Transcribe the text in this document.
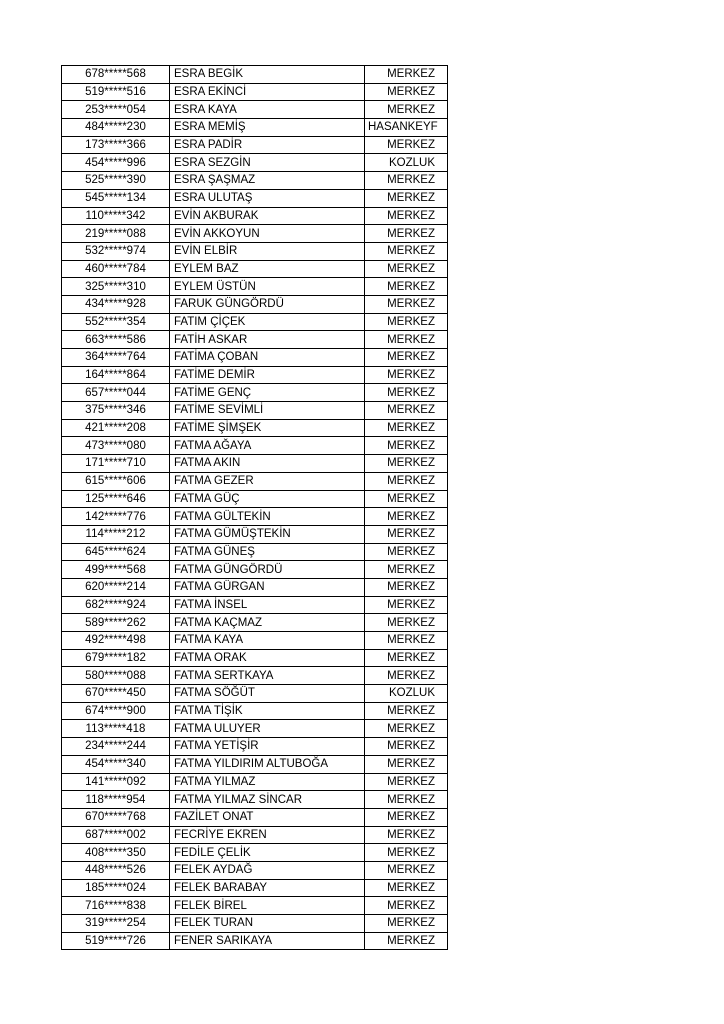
678*****568	ESRA BEGİK	MERKEZ
519*****516	ESRA EKİNCİ	MERKEZ
253*****054	ESRA KAYA	MERKEZ
484*****230	ESRA MEMİŞ	HASANKEYF
173*****366	ESRA PADİR	MERKEZ
454*****996	ESRA SEZGİN	KOZLUK
525*****390	ESRA ŞAŞMAZ	MERKEZ
545*****134	ESRA ULUTAŞ	MERKEZ
110*****342	EVİN AKBURAK	MERKEZ
219*****088	EVİN AKKOYUN	MERKEZ
532*****974	EVİN ELBİR	MERKEZ
460*****784	EYLEM BAZ	MERKEZ
325*****310	EYLEM ÜSTÜN	MERKEZ
434*****928	FARUK GÜNGÖRDÜ	MERKEZ
552*****354	FATIM ÇİÇEK	MERKEZ
663*****586	FATİH ASKAR	MERKEZ
364*****764	FATİMA ÇOBAN	MERKEZ
164*****864	FATİME DEMİR	MERKEZ
657*****044	FATİME GENÇ	MERKEZ
375*****346	FATİME SEVİMLİ	MERKEZ
421*****208	FATİME ŞİMŞEK	MERKEZ
473*****080	FATMA AĞAYA	MERKEZ
171*****710	FATMA AKIN	MERKEZ
615*****606	FATMA GEZER	MERKEZ
125*****646	FATMA GÜÇ	MERKEZ
142*****776	FATMA GÜLTEKİN	MERKEZ
114*****212	FATMA GÜMÜŞTEKİN	MERKEZ
645*****624	FATMA GÜNEŞ	MERKEZ
499*****568	FATMA GÜNGÖRDÜ	MERKEZ
620*****214	FATMA GÜRGAN	MERKEZ
682*****924	FATMA İNSEL	MERKEZ
589*****262	FATMA KAÇMAZ	MERKEZ
492*****498	FATMA KAYA	MERKEZ
679*****182	FATMA ORAK	MERKEZ
580*****088	FATMA SERTKAYA	MERKEZ
670*****450	FATMA SÖĞÜT	KOZLUK
674*****900	FATMA TİŞİK	MERKEZ
113*****418	FATMA ULUYER	MERKEZ
234*****244	FATMA YETİŞİR	MERKEZ
454*****340	FATMA YILDIRIM ALTUBOĞA	MERKEZ
141*****092	FATMA YILMAZ	MERKEZ
118*****954	FATMA YILMAZ SİNCAR	MERKEZ
670*****768	FAZİLET ONAT	MERKEZ
687*****002	FECRİYE EKREN	MERKEZ
408*****350	FEDİLE ÇELİK	MERKEZ
448*****526	FELEK AYDAĞ	MERKEZ
185*****024	FELEK BARABAY	MERKEZ
716*****838	FELEK BİREL	MERKEZ
319*****254	FELEK TURAN	MERKEZ
519*****726	FENER SARIKAYA	MERKEZ
